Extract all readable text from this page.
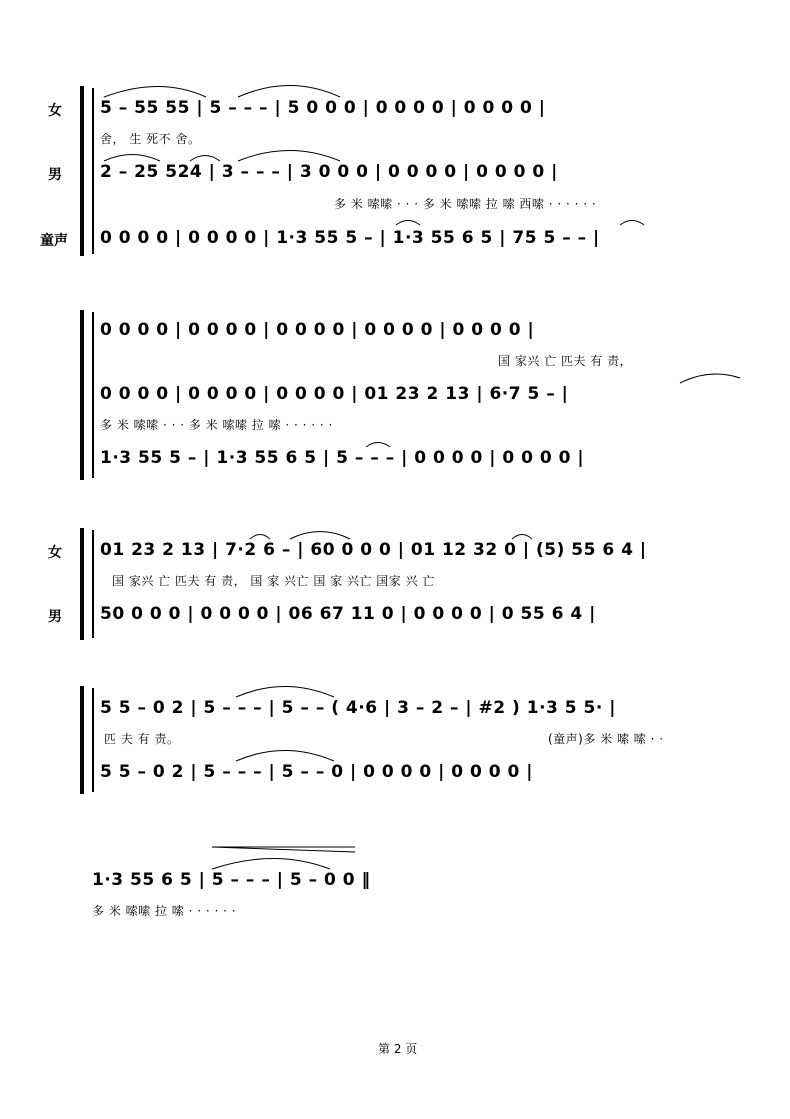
女 5 – 55 55 | 5 – – – | 5 0 0 0 | 0 0 0 0 | 0 0 0 0 |
舍， 生 死不 舍。
男 2 – 25 524 | 3 – – – | 3 0 0 0 | 0 0 0 0 | 0 0 0 0 |
多 米 嗦嗦 · · · 多 米 嗦嗦 拉 嗦 西嗦 · · · · · ·
童声 0 0 0 0 | 0 0 0 0 | 1·3 55 5 – | 1·3 55 6 5 | 75 5 – – |
0 0 0 0 | 0 0 0 0 | 0 0 0 0 | 0 0 0 0 | 0 0 0 0 |
国 家兴 亡 匹夫 有 责，
0 0 0 0 | 0 0 0 0 | 0 0 0 0 | 01 23 2 13 | 6·7 5 – |
多 米 嗦嗦 · · · 多 米 嗦嗦 拉 嗦 · · · · · ·
1·3 55 5 – | 1·3 55 6 5 | 5 – – – | 0 0 0 0 | 0 0 0 0 |
女 01 23 2 13 | 7·2 6 – | 60 0 0 0 | 01 12 32 0 | (5) 55 6 4 |
国 家兴 亡 匹夫 有 责， 国 家 兴亡 国 家 兴亡 国家 兴 亡
男 50 0 0 0 | 0 0 0 0 | 06 67 11 0 | 0 0 0 0 | 0 55 6 4 |
5 5 – 0 2 | 5 – – – | 5 – – ( 4·6 | 3 – 2 – | #2 ) 1·3 5 5· |
匹 夫 有 责。	(童声)多 米 嗦 嗦 · ·
5 5 – 0 2 | 5 – – – | 5 – – 0 | 0 0 0 0 | 0 0 0 0 |
1·3 55 6 5 | 5 – – – | 5 – 0 0 ‖
多 米 嗦嗦 拉 嗦 · · · · · ·
第 2 页
